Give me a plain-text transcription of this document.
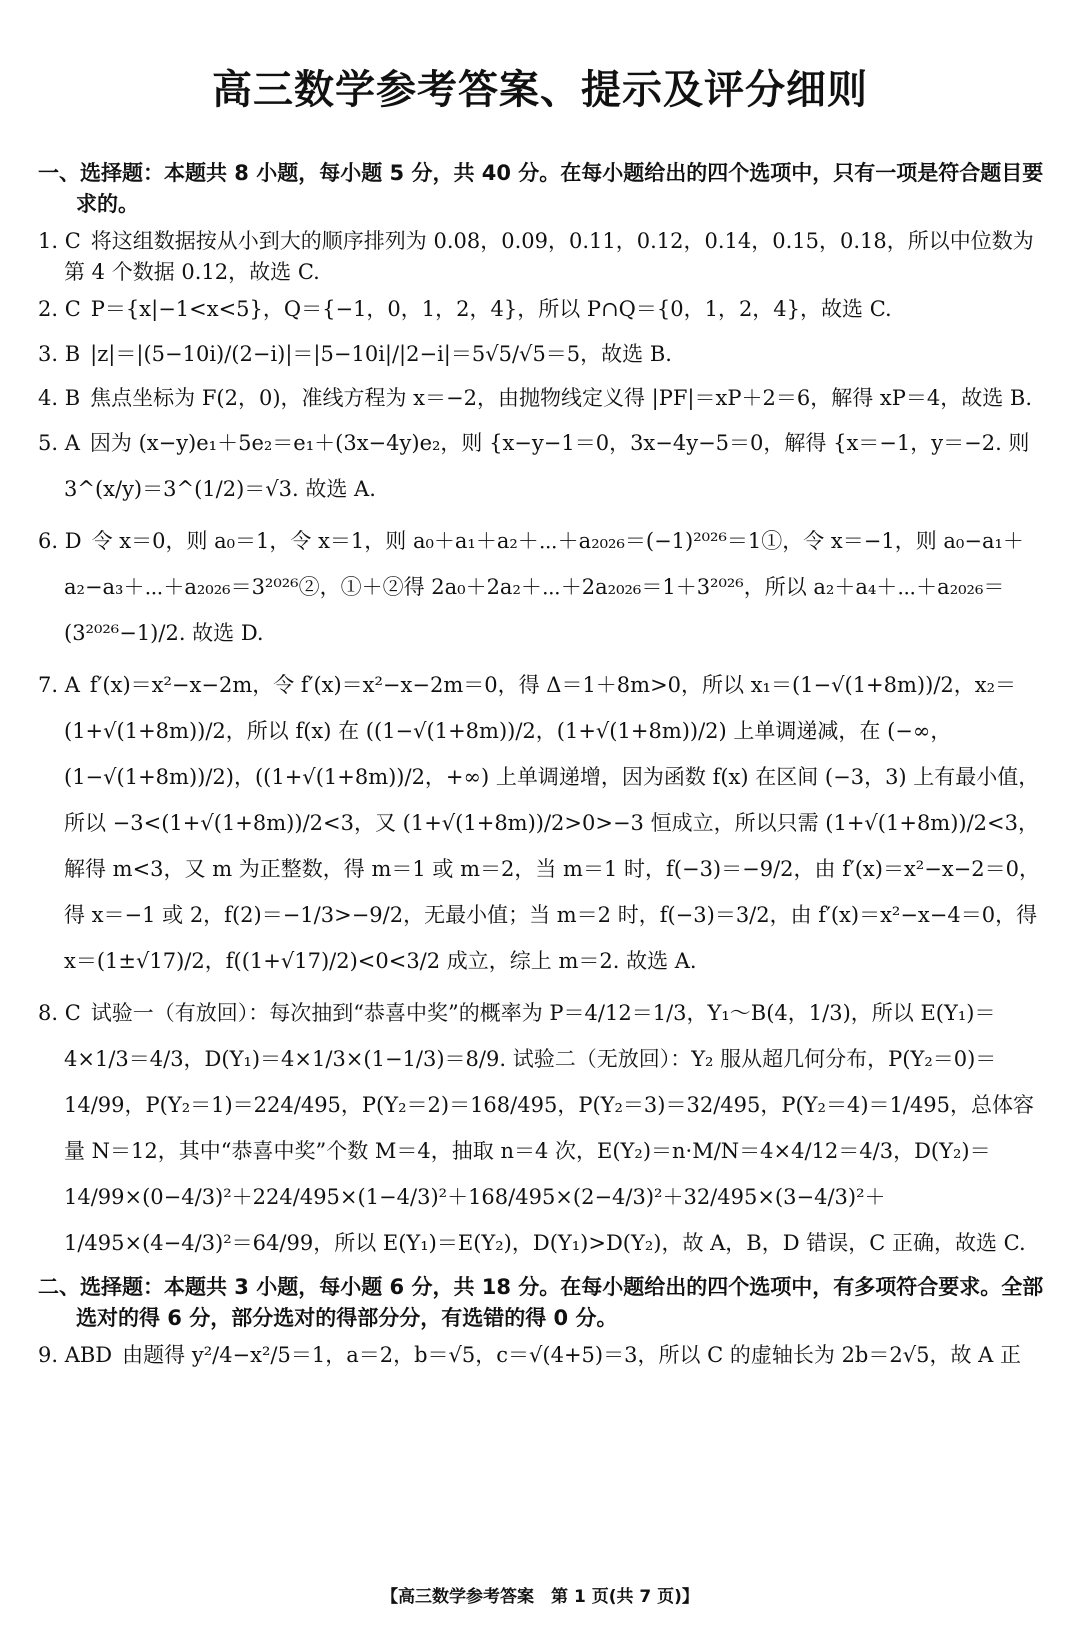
高三数学参考答案、提示及评分细则
一、选择题：本题共 8 小题，每小题 5 分，共 40 分。在每小题给出的四个选项中，只有一项是符合题目要求的。
1. C 将这组数据按从小到大的顺序排列为 0.08，0.09，0.11，0.12，0.14，0.15，0.18，所以中位数为第 4 个数据 0.12，故选 C.
2. C P＝{x|−1<x<5}，Q＝{−1，0，1，2，4}，所以 P∩Q＝{0，1，2，4}，故选 C.
3. B |z|＝|(5−10i)/(2−i)|＝|5−10i|/|2−i|＝5√5/√5＝5，故选 B.
4. B 焦点坐标为 F(2，0)，准线方程为 x＝−2，由抛物线定义得 |PF|＝xP＋2＝6，解得 xP＝4，故选 B.
5. A 因为 (x−y)e₁＋5e₂＝e₁＋(3x−4y)e₂，则 {x−y−1＝0，3x−4y−5＝0，解得 {x＝−1，y＝−2. 则 3^(x/y)＝3^(1/2)＝√3. 故选 A.
6. D 令 x＝0，则 a₀＝1，令 x＝1，则 a₀＋a₁＋a₂＋⋯＋a₂₀₂₆＝(−1)²⁰²⁶＝1①，令 x＝−1，则 a₀−a₁＋a₂−a₃＋⋯＋a₂₀₂₆＝3²⁰²⁶②，①＋②得 2a₀＋2a₂＋⋯＋2a₂₀₂₆＝1＋3²⁰²⁶，所以 a₂＋a₄＋⋯＋a₂₀₂₆＝(3²⁰²⁶−1)/2. 故选 D.
7. A f′(x)＝x²−x−2m，令 f′(x)＝x²−x−2m＝0，得 Δ＝1＋8m>0，所以 x₁＝(1−√(1+8m))/2，x₂＝(1+√(1+8m))/2，所以 f(x) 在 ((1−√(1+8m))/2，(1+√(1+8m))/2) 上单调递减，在 (−∞，(1−√(1+8m))/2)，((1+√(1+8m))/2，+∞) 上单调递增，因为函数 f(x) 在区间 (−3，3) 上有最小值，所以 −3<(1+√(1+8m))/2<3，又 (1+√(1+8m))/2>0>−3 恒成立，所以只需 (1+√(1+8m))/2<3，解得 m<3，又 m 为正整数，得 m＝1 或 m＝2，当 m＝1 时，f(−3)＝−9/2，由 f′(x)＝x²−x−2＝0，得 x＝−1 或 2，f(2)＝−1/3>−9/2，无最小值；当 m＝2 时，f(−3)＝3/2，由 f′(x)＝x²−x−4＝0，得 x＝(1±√17)/2，f((1+√17)/2)<0<3/2 成立，综上 m＝2. 故选 A.
8. C 试验一（有放回）：每次抽到“恭喜中奖”的概率为 P＝4/12＝1/3，Y₁～B(4，1/3)，所以 E(Y₁)＝4×1/3＝4/3，D(Y₁)＝4×1/3×(1−1/3)＝8/9. 试验二（无放回）：Y₂ 服从超几何分布，P(Y₂＝0)＝14/99，P(Y₂＝1)＝224/495，P(Y₂＝2)＝168/495，P(Y₂＝3)＝32/495，P(Y₂＝4)＝1/495，总体容量 N＝12，其中“恭喜中奖”个数 M＝4，抽取 n＝4 次，E(Y₂)＝n·M/N＝4×4/12＝4/3，D(Y₂)＝14/99×(0−4/3)²＋224/495×(1−4/3)²＋168/495×(2−4/3)²＋32/495×(3−4/3)²＋1/495×(4−4/3)²＝64/99，所以 E(Y₁)＝E(Y₂)，D(Y₁)>D(Y₂)，故 A，B，D 错误，C 正确，故选 C.
二、选择题：本题共 3 小题，每小题 6 分，共 18 分。在每小题给出的四个选项中，有多项符合要求。全部选对的得 6 分，部分选对的得部分分，有选错的得 0 分。
9. ABD 由题得 y²/4−x²/5＝1，a＝2，b＝√5，c＝√(4+5)＝3，所以 C 的虚轴长为 2b＝2√5，故 A 正
【高三数学参考答案　第 1 页(共 7 页)】
